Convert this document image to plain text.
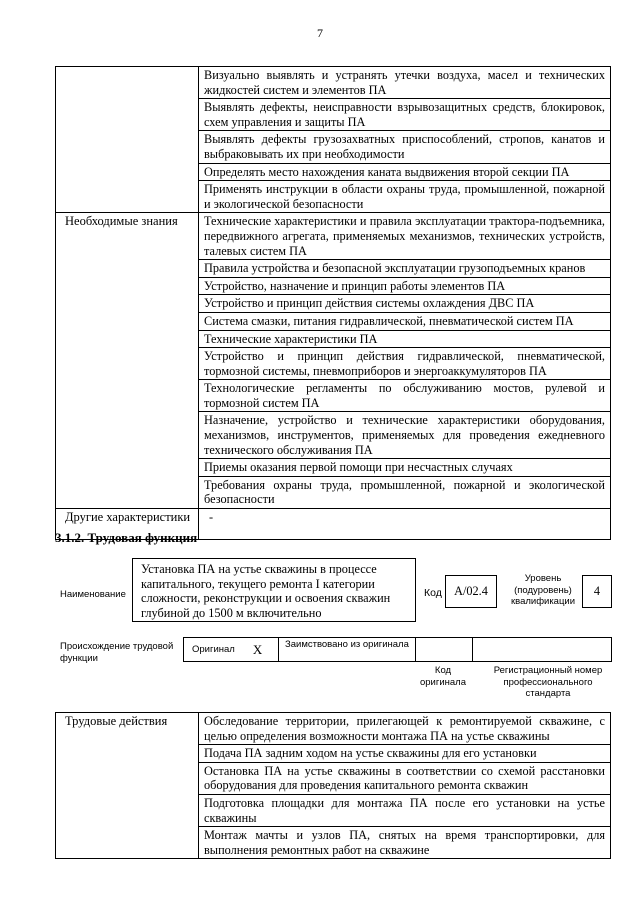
7
	Визуально выявлять и устранять утечки воздуха, масел и технических жидкостей систем и элементов ПА
	Выявлять дефекты, неисправности взрывозащитных средств, блокировок, схем управления и защиты ПА
	Выявлять дефекты грузозахватных приспособлений, стропов, канатов и выбраковывать их при необходимости
	Определять место нахождения каната выдвижения второй секции ПА
	Применять инструкции в области охраны труда, промышленной, пожарной и экологической безопасности
Необходимые знания	Технические характеристики и правила эксплуатации трактора-подъемника, передвижного агрегата, применяемых механизмов, технических устройств, талевых систем ПА
	Правила устройства и безопасной эксплуатации грузоподъемных кранов
	Устройство, назначение и принцип работы элементов ПА
	Устройство и принцип действия системы охлаждения ДВС ПА
	Система смазки, питания гидравлической, пневматической систем ПА
	Технические характеристики ПА
	Устройство и принцип действия гидравлической, пневматической, тормозной системы, пневмоприборов и энергоаккумуляторов ПА
	Технологические регламенты по обслуживанию мостов, рулевой и тормозной систем ПА
	Назначение, устройство и технические характеристики оборудования, механизмов, инструментов, применяемых для проведения ежедневного технического обслуживания ПА
	Приемы оказания первой помощи при несчастных случаях
	Требования охраны труда, промышленной, пожарной и экологической безопасности
Другие характеристики	-
3.1.2. Трудовая функция
Наименование
Установка ПА на устье скважины в процессе капитального, текущего ремонта I категории сложности, реконструкции и освоения скважин глубиной до 1500 м включительно
Код А/02.4
Уровень (подуровень) квалификации
4
Происхождение трудовой функции
Оригинал X	Заимствовано из оригинала
Код оригинала
Регистрационный номер профессионального стандарта
Трудовые действия	Обследование территории, прилегающей к ремонтируемой скважине, с целью определения возможности монтажа ПА на устье скважины
Подача ПА задним ходом на устье скважины для его установки
Остановка ПА на устье скважины в соответствии со схемой расстановки оборудования для проведения капитального ремонта скважин
Подготовка площадки для монтажа ПА после его установки на устье скважины
Монтаж мачты и узлов ПА, снятых на время транспортировки, для выполнения ремонтных работ на скважине
